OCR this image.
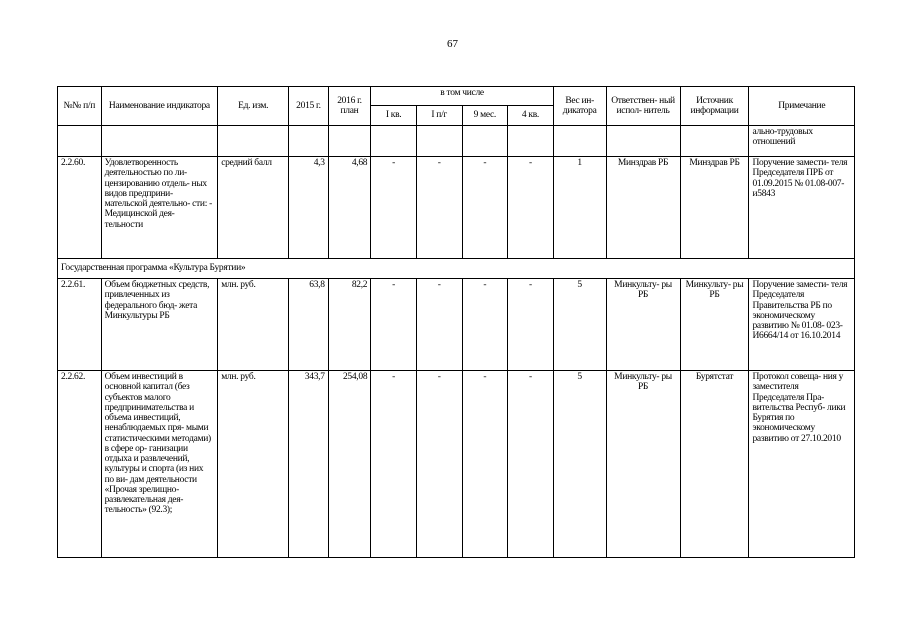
67
№№ п/п	Наименование индикатора	Ед. изм.	2015 г.	2016 г. план	в том числе				Вес ин- дикатора	Ответствен- ный испол- нитель	Источник информации	Примечание
					I кв.	I п/г	9 мес.	4 кв.				
												ально-трудовых отношений
2.2.60.	Удовлетворенность деятельностью по ли- цензированию отдель- ных видов предприни- мательской деятельно- сти: - Медицинской дея- тельности	средний балл	4,3	4,68	-	-	-	-	1	Минздрав РБ	Минздрав РБ	Поручение замести- теля Председателя ПРБ от 01.09.2015 № 01.08-007-и5843
Государственная программа «Культура Бурятии»												
2.2.61.	Объем бюджетных средств, привлеченных из федерального бюд- жета Минкультуры РБ	млн. руб.	63,8	82,2	-	-	-	-	5	Минкульту- ры РБ	Минкульту- ры РБ	Поручение замести- теля Председателя Правительства РБ по экономическому развитию № 01.08- 023-И6664/14 от 16.10.2014
2.2.62.	Объем инвестиций в основной капитал (без субъектов малого предпринимательства и объема инвестиций, ненаблюдаемых пря- мыми статистическими методами) в сфере ор- ганизации отдыха и развлечений, культуры и спорта (из них по ви- дам деятельности «Прочая зрелищно- развлекательная дея- тельность» (92.3);	млн. руб.	343,7	254,08	-	-	-	-	5	Минкульту- ры РБ	Бурятстат	Протокол совеща- ния у заместителя Председателя Пра- вительства Респуб- лики Бурятия по экономическому развитию от 27.10.2010
